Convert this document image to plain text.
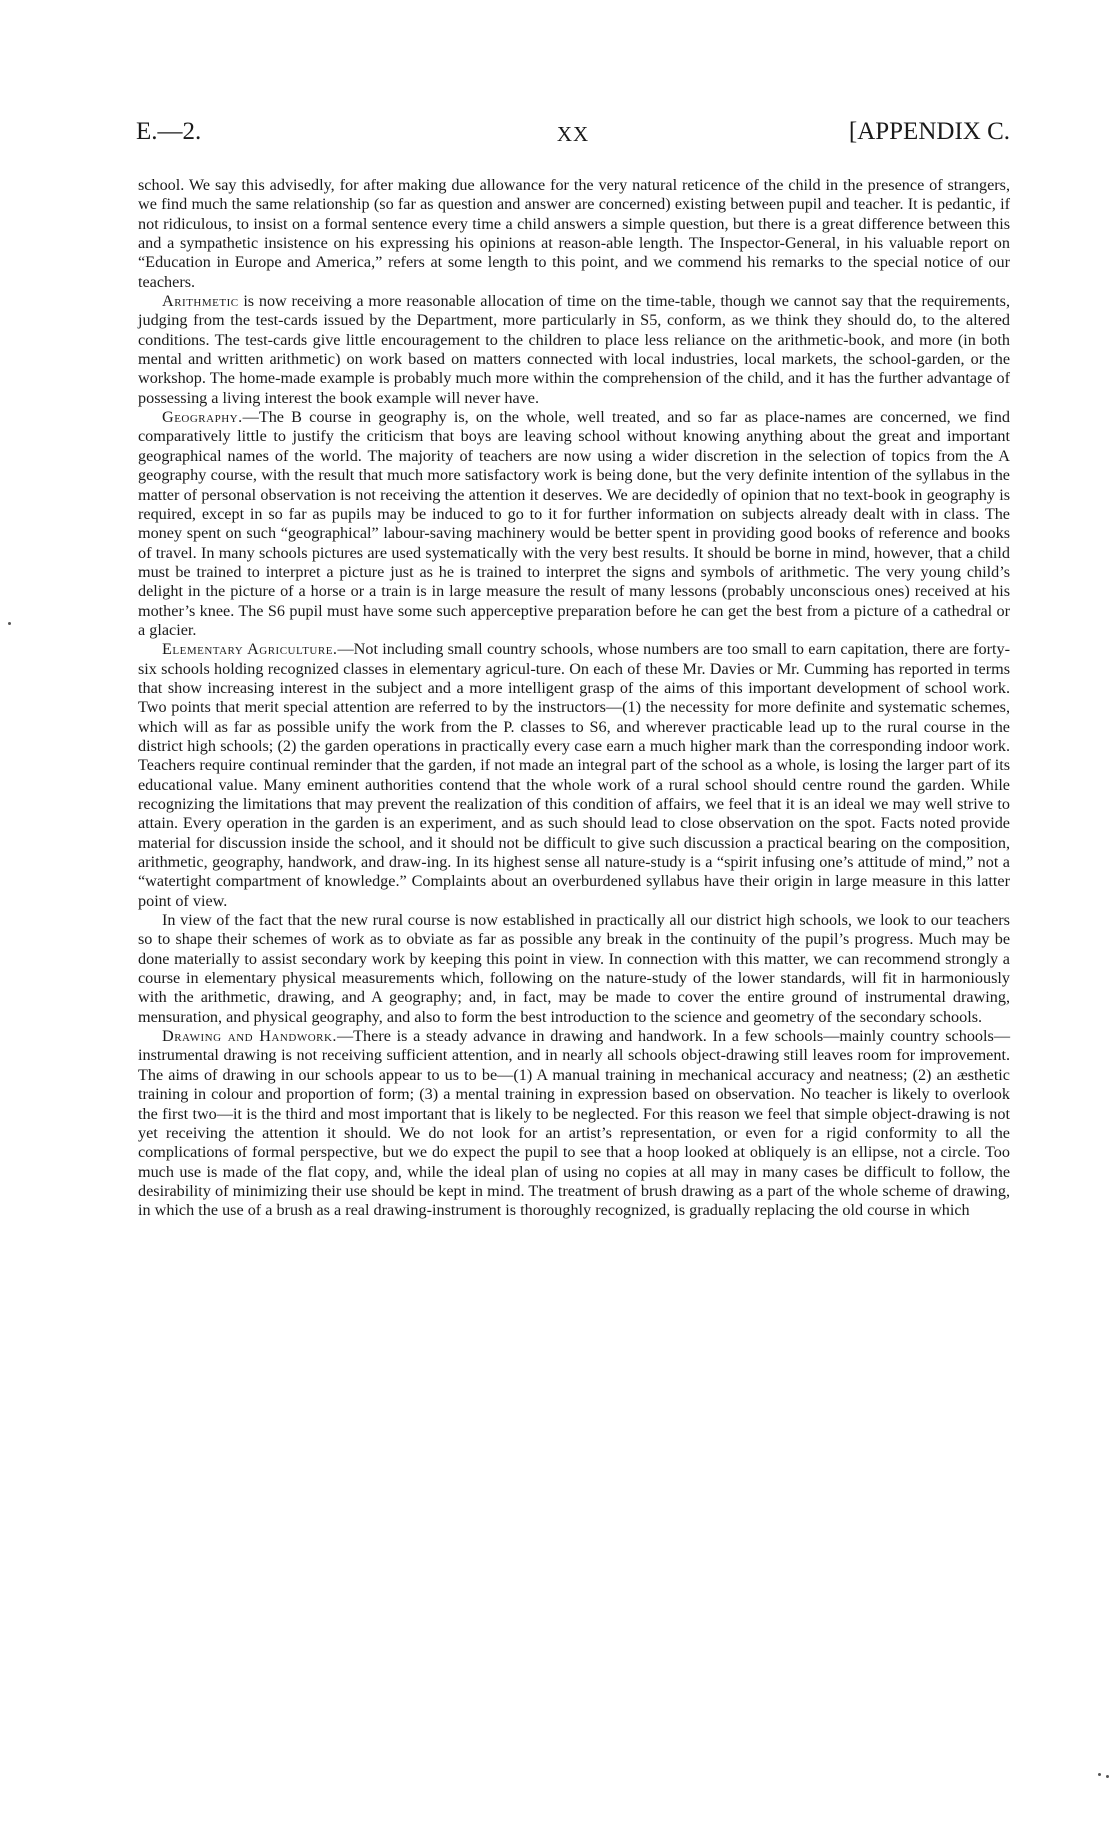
E.—2.	XX	[APPENDIX C.

school. We say this advisedly, for after making due allowance for the very natural reticence of the child in the presence of strangers, we find much the same relationship (so far as question and answer are concerned) existing between pupil and teacher. It is pedantic, if not ridiculous, to insist on a formal sentence every time a child answers a simple question, but there is a great difference between this and a sympathetic insistence on his expressing his opinions at reason-able length. The Inspector-General, in his valuable report on “Education in Europe and America,” refers at some length to this point, and we commend his remarks to the special notice of our teachers.

Arithmetic is now receiving a more reasonable allocation of time on the time-table, though we cannot say that the requirements, judging from the test-cards issued by the Department, more particularly in S5, conform, as we think they should do, to the altered conditions. The test-cards give little encouragement to the children to place less reliance on the arithmetic-book, and more (in both mental and written arithmetic) on work based on matters connected with local industries, local markets, the school-garden, or the workshop. The home-made example is probably much more within the comprehension of the child, and it has the further advantage of possessing a living interest the book example will never have.

Geography.—The B course in geography is, on the whole, well treated, and so far as place-names are concerned, we find comparatively little to justify the criticism that boys are leaving school without knowing anything about the great and important geographical names of the world. The majority of teachers are now using a wider discretion in the selection of topics from the A geography course, with the result that much more satisfactory work is being done, but the very definite intention of the syllabus in the matter of personal observation is not receiving the attention it deserves. We are decidedly of opinion that no text-book in geography is required, except in so far as pupils may be induced to go to it for further information on subjects already dealt with in class. The money spent on such “geographical” labour-saving machinery would be better spent in providing good books of reference and books of travel. In many schools pictures are used systematically with the very best results. It should be borne in mind, however, that a child must be trained to interpret a picture just as he is trained to interpret the signs and symbols of arithmetic. The very young child’s delight in the picture of a horse or a train is in large measure the result of many lessons (probably unconscious ones) received at his mother’s knee. The S6 pupil must have some such apperceptive preparation before he can get the best from a picture of a cathedral or a glacier.

Elementary Agriculture.—Not including small country schools, whose numbers are too small to earn capitation, there are forty-six schools holding recognized classes in elementary agricul-ture. On each of these Mr. Davies or Mr. Cumming has reported in terms that show increasing interest in the subject and a more intelligent grasp of the aims of this important development of school work. Two points that merit special attention are referred to by the instructors—(1) the necessity for more definite and systematic schemes, which will as far as possible unify the work from the P. classes to S6, and wherever practicable lead up to the rural course in the district high schools; (2) the garden operations in practically every case earn a much higher mark than the corresponding indoor work. Teachers require continual reminder that the garden, if not made an integral part of the school as a whole, is losing the larger part of its educational value. Many eminent authorities contend that the whole work of a rural school should centre round the garden. While recognizing the limitations that may prevent the realization of this condition of affairs, we feel that it is an ideal we may well strive to attain. Every operation in the garden is an experiment, and as such should lead to close observation on the spot. Facts noted provide material for discussion inside the school, and it should not be difficult to give such discussion a practical bearing on the composition, arithmetic, geography, handwork, and draw-ing. In its highest sense all nature-study is a “spirit infusing one’s attitude of mind,” not a “watertight compartment of knowledge.” Complaints about an overburdened syllabus have their origin in large measure in this latter point of view.

In view of the fact that the new rural course is now established in practically all our district high schools, we look to our teachers so to shape their schemes of work as to obviate as far as possible any break in the continuity of the pupil’s progress. Much may be done materially to assist secondary work by keeping this point in view. In connection with this matter, we can recommend strongly a course in elementary physical measurements which, following on the nature-study of the lower standards, will fit in harmoniously with the arithmetic, drawing, and A geography; and, in fact, may be made to cover the entire ground of instrumental drawing, mensuration, and physical geography, and also to form the best introduction to the science and geometry of the secondary schools.

Drawing and Handwork.—There is a steady advance in drawing and handwork. In a few schools—mainly country schools—instrumental drawing is not receiving sufficient attention, and in nearly all schools object-drawing still leaves room for improvement. The aims of drawing in our schools appear to us to be—(1) A manual training in mechanical accuracy and neatness; (2) an æsthetic training in colour and proportion of form; (3) a mental training in expression based on observation. No teacher is likely to overlook the first two—it is the third and most important that is likely to be neglected. For this reason we feel that simple object-drawing is not yet receiving the attention it should. We do not look for an artist’s representation, or even for a rigid conformity to all the complications of formal perspective, but we do expect the pupil to see that a hoop looked at obliquely is an ellipse, not a circle. Too much use is made of the flat copy, and, while the ideal plan of using no copies at all may in many cases be difficult to follow, the desirability of minimizing their use should be kept in mind. The treatment of brush drawing as a part of the whole scheme of drawing, in which the use of a brush as a real drawing-instrument is thoroughly recognized, is gradually replacing the old course in which
